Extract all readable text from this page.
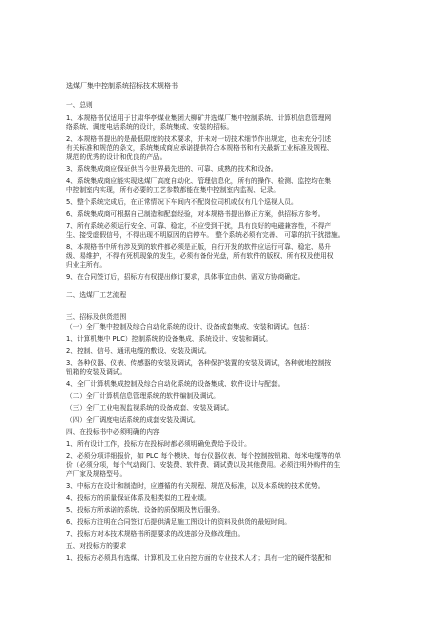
选煤厂集中控制系统招标技术规格书
一、总则
1、本规格书仅适用于甘肃华亭煤业集团大柳矿井选煤厂集中控制系统、计算机信息管理网
络系统、调度电话系统的设计，系统集成、安装的招标。
2、本规格书提出的是最低限度的技术要求，并未对一切技术细节作出规定，也未充分引述
有关标准和规范的条文，系统集成商应承诺提供符合本规格书和有关最新工业标准及规程、
规范的优秀的设计和优良的产品。
3、系统集成商应保证供当今世界最先进的、可靠、成熟的技术和设备。
4、系统集成商应能实现选煤厂高度自动化、管理信息化，所有的操作、检测、监控均在集
中控制室内实现，所有必要的工艺参数都能在集中控制室内监视、记录。
5、整个系统完成后，在正常情况下车间内不配岗位司机或仅有几个巡视人员。
6、系统集成商可根据自己制造和配套经验，对本规格书提出修正方案，供招标方参考。
7、所有系统必须运行安全、可靠、稳定，不应受到干扰，具有良好的电磁兼容性，不得产
生、接受虚假信号，不得出现不明原因的启停车。 整个系统必须有完善、 可靠的抗干扰措施。
8、本规格书中所有涉及到的软件都必须是正版，自行开发的软件应运行可靠、稳定、易升
级、易维护，不得有死机现象的发生，必须有备份光盘，所有软件的版权、所有权及使用权
归业主所有。
9、在合同签订后，招标方有权提出修订要求，具体事宜由供、需双方协商确定。
二、选煤厂工艺流程
三、招标及供货范围
（一）全厂集中控制及综合自动化系统的设计、设备成套集成、安装和调试。包括：
1、计算机集中 PLC）控制系统的设备集成、系统设计、安装和调试。
2、控制、信号、通讯电缆的敷设、安装及调试。
3、各种仪器、仪表、传感器的安装及调试，各种保护装置的安装及调试，各种就地控制按
钮箱的安装及调试。
4、全厂计算机集成控制及综合自动化系统的设备集成、软件设计与配套。
（二）全厂计算机信息管理系统的软件编制及调试。
（三）全厂工业电视监视系统的设备成套、安装及调试。
（四）全厂调度电话系统的成套安装及调试。
四、在投标书中必须明确的内容
1、所有设计工作，投标方在投标时都必须明确免费给予设计。
2、必须分项详细报价，如 PLC 每个模块、每台仪器仪表、每个控制按钮箱、每米电缆等的单
价（必须分项，每个气动阀门、安装费、软件费、调试费以及其他费用。必须注明外购件的生
产厂家及规格型号。
3、中标方在设计和制造时，应遵循的有关规程、规范及标准，以及本系统的技术优势。
4、投标方的质量保证体系及相类似的工程业绩。
5、投标方所承诺的系统、设备的质保期及售后服务。
6、投标方注明在合同签订后提供满足施工图设计的资料及供货的最短时间。
7、投标方对本技术规格书所提要求的改进部分及修改理由。
五、对投标方的要求
1、投标方必须具有选煤、计算机及工业自控方面的专业技术人才；具有一定的硬件装配和
